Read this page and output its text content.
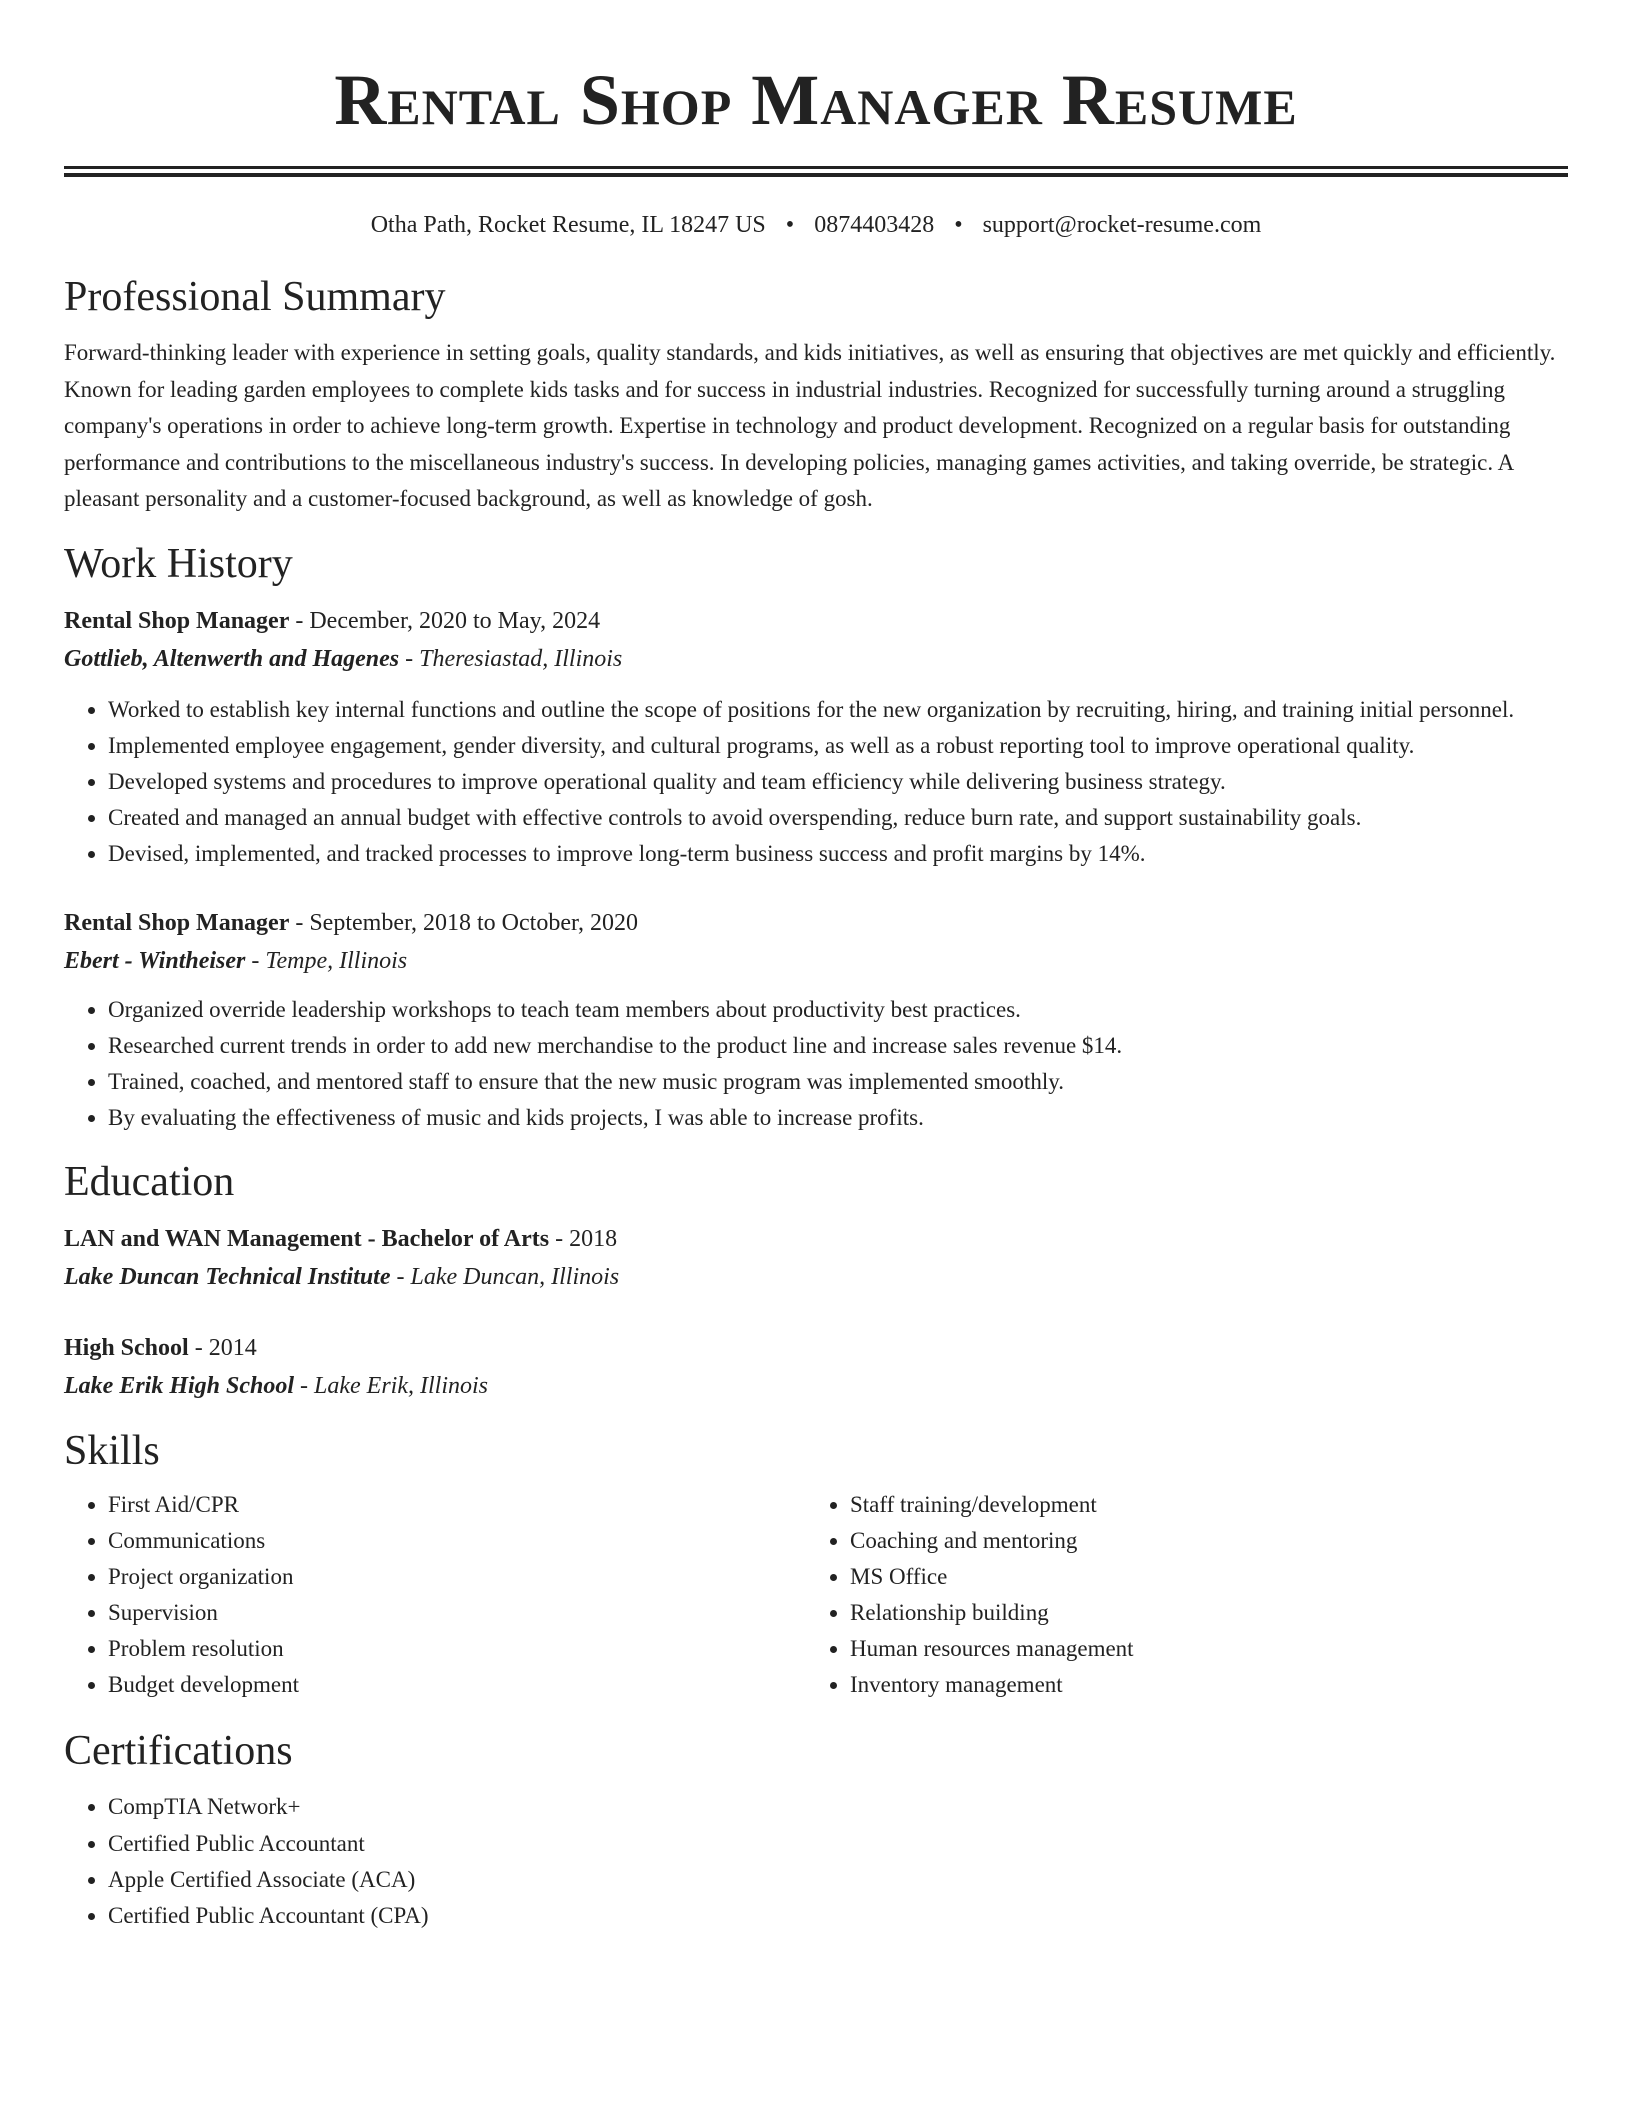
Rental Shop Manager Resume
Otha Path, Rocket Resume, IL 18247 US • 0874403428 • support@rocket-resume.com
Professional Summary
Forward-thinking leader with experience in setting goals, quality standards, and kids initiatives, as well as ensuring that objectives are met quickly and efficiently. Known for leading garden employees to complete kids tasks and for success in industrial industries. Recognized for successfully turning around a struggling company's operations in order to achieve long-term growth. Expertise in technology and product development. Recognized on a regular basis for outstanding performance and contributions to the miscellaneous industry's success. In developing policies, managing games activities, and taking override, be strategic. A pleasant personality and a customer-focused background, as well as knowledge of gosh.
Work History
Rental Shop Manager - December, 2020 to May, 2024
Gottlieb, Altenwerth and Hagenes - Theresiastad, Illinois
• Worked to establish key internal functions and outline the scope of positions for the new organization by recruiting, hiring, and training initial personnel.
• Implemented employee engagement, gender diversity, and cultural programs, as well as a robust reporting tool to improve operational quality.
• Developed systems and procedures to improve operational quality and team efficiency while delivering business strategy.
• Created and managed an annual budget with effective controls to avoid overspending, reduce burn rate, and support sustainability goals.
• Devised, implemented, and tracked processes to improve long-term business success and profit margins by 14%.
Rental Shop Manager - September, 2018 to October, 2020
Ebert - Wintheiser - Tempe, Illinois
• Organized override leadership workshops to teach team members about productivity best practices.
• Researched current trends in order to add new merchandise to the product line and increase sales revenue $14.
• Trained, coached, and mentored staff to ensure that the new music program was implemented smoothly.
• By evaluating the effectiveness of music and kids projects, I was able to increase profits.
Education
LAN and WAN Management - Bachelor of Arts - 2018
Lake Duncan Technical Institute - Lake Duncan, Illinois
High School - 2014
Lake Erik High School - Lake Erik, Illinois
Skills
• First Aid/CPR
• Communications
• Project organization
• Supervision
• Problem resolution
• Budget development
• Staff training/development
• Coaching and mentoring
• MS Office
• Relationship building
• Human resources management
• Inventory management
Certifications
• CompTIA Network+
• Certified Public Accountant
• Apple Certified Associate (ACA)
• Certified Public Accountant (CPA)
